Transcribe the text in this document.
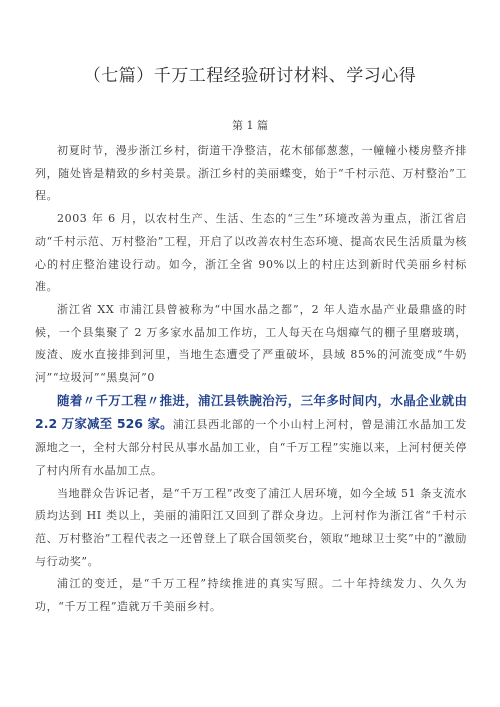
（七篇）千万工程经验研讨材料、学习心得
第 1 篇

初夏时节，漫步浙江乡村，街道干净整洁，花木郁郁葱葱，一幢幢小楼房整齐排列，随处皆是精致的乡村美景。浙江乡村的美丽蝶变，始于“千村示范、万村整治”工程。

2003 年 6 月，以农村生产、生活、生态的“三生”环境改善为重点，浙江省启动“千村示范、万村整治”工程，开启了以改善农村生态环境、提高农民生活质量为核心的村庄整治建设行动。如今，浙江全省 90%以上的村庄达到新时代美丽乡村标准。

浙江省 XX 市浦江县曾被称为“中国水晶之都”，2 年人造水晶产业最鼎盛的时候，一个县集聚了 2 万多家水晶加工作坊，工人每天在乌烟瘴气的棚子里磨玻璃，废渣、废水直接排到河里，当地生态遭受了严重破坏，县域 85%的河流变成“牛奶河”“垃圾河”“黑臭河”0

随着〃千万工程〃推进，浦江县铁腕治污，三年多时间内，水晶企业就由 2.2 万家减至 526 家。浦江县西北部的一个小山村上河村，曾是浦江水晶加工发源地之一，全村大部分村民从事水晶加工业，自“千万工程”实施以来，上河村便关停了村内所有水晶加工点。

当地群众告诉记者，是“千万工程”改变了浦江人居环境，如今全域 51 条支流水质均达到 HI 类以上，美丽的浦阳江又回到了群众身边。上河村作为浙江省“千村示范、万村整治”工程代表之一还曾登上了联合国领奖台，领取“地球卫士奖”中的“激励与行动奖”。

浦江的变迁，是“千万工程”持续推进的真实写照。二十年持续发力、久久为功，“千万工程”造就万千美丽乡村。
